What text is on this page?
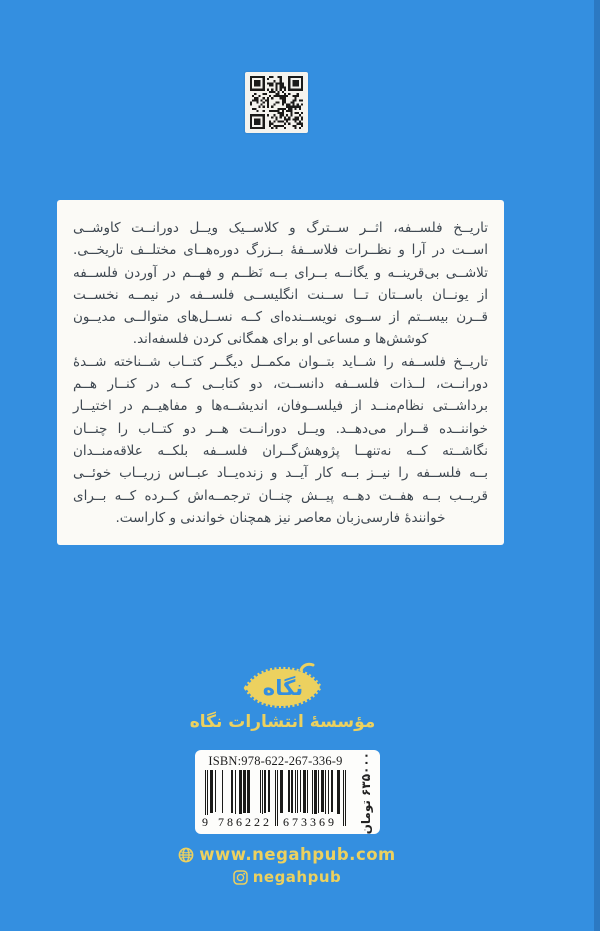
تاریــخ فلســفه، اثــر ســترگ و کلاســیک ویــل دورانــت کاوشــی
اســت در آرا و نظــرات فلاســفهٔ بــزرگ دوره‌هــای مختلــف تاریخــی.
تلاشــی بی‌قرینــه و یگانــه بــرای بــه نَظــم و فهــم در آوردن فلســفه
از یونــان باســتان تــا ســنت انگلیســی فلســفه در نیمــه نخســت
قــرن بیســتم از ســوی نویســنده‌ای کــه نســل‌های متوالــی مدیــون
کوشش‌ها و مساعی او برای همگانی کردن فلسفه‌اند.
تاریــخ فلســفه را شــاید بتــوان مکمــل دیگــر کتــاب شــناخته شــدهٔ
دورانــت، لــذات فلســفه دانســت، دو کتابــی کــه در کنــار هــم
برداشــتی نظام‌منــد از فیلســوفان، اندیشــه‌ها و مفاهیــم در اختیــار
خواننــده قــرار می‌دهــد. ویــل دورانــت هــر دو کتــاب را چنــان
نگاشــته کــه نه‌تنهــا پژوهش‌گــران فلســفه بلکــه علاقه‌منــدان
بــه فلســفه را نیــز بــه کار آیــد و زنده‌یــاد عبــاس زریــاب خوئــی
قریــب بــه هفــت دهــه پیــش چنــان ترجمــه‌اش کــرده کــه بــرای
خوانندهٔ فارسی‌زبان معاصر نیز همچنان خواندنی و کاراست.
نگاه
مؤسسهٔ انتشارات نگاه
ISBN:978-622-267-336-9
9 786222 673369	۶۳۵۰۰۰ تومان
www.negahpub.com
negahpub
